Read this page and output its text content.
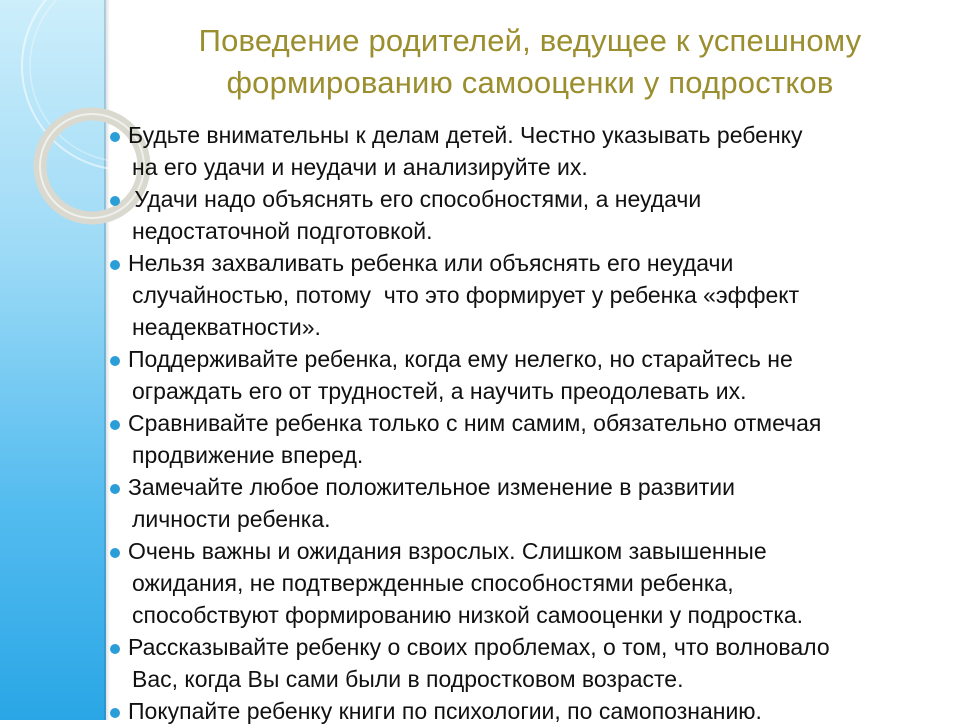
Поведение родителей, ведущее к успешному
формированию самооценки у подростков
Будьте внимательны к делам детей. Честно указывать ребенку
на его удачи и неудачи и анализируйте их.
Удачи надо объяснять его способностями, а неудачи
недостаточной подготовкой.
Нельзя захваливать ребенка или объяснять его неудачи
случайностью, потому  что это формирует у ребенка «эффект
неадекватности».
Поддерживайте ребенка, когда ему нелегко, но старайтесь не
ограждать его от трудностей, а научить преодолевать их.
Сравнивайте ребенка только с ним самим, обязательно отмечая
продвижение вперед.
Замечайте любое положительное изменение в развитии
личности ребенка.
Очень важны и ожидания взрослых. Слишком завышенные
ожидания, не подтвержденные способностями ребенка,
способствуют формированию низкой самооценки у подростка.
Рассказывайте ребенку о своих проблемах, о том, что волновало
Вас, когда Вы сами были в подростковом возрасте.
Покупайте ребенку книги по психологии, по самопознанию.
